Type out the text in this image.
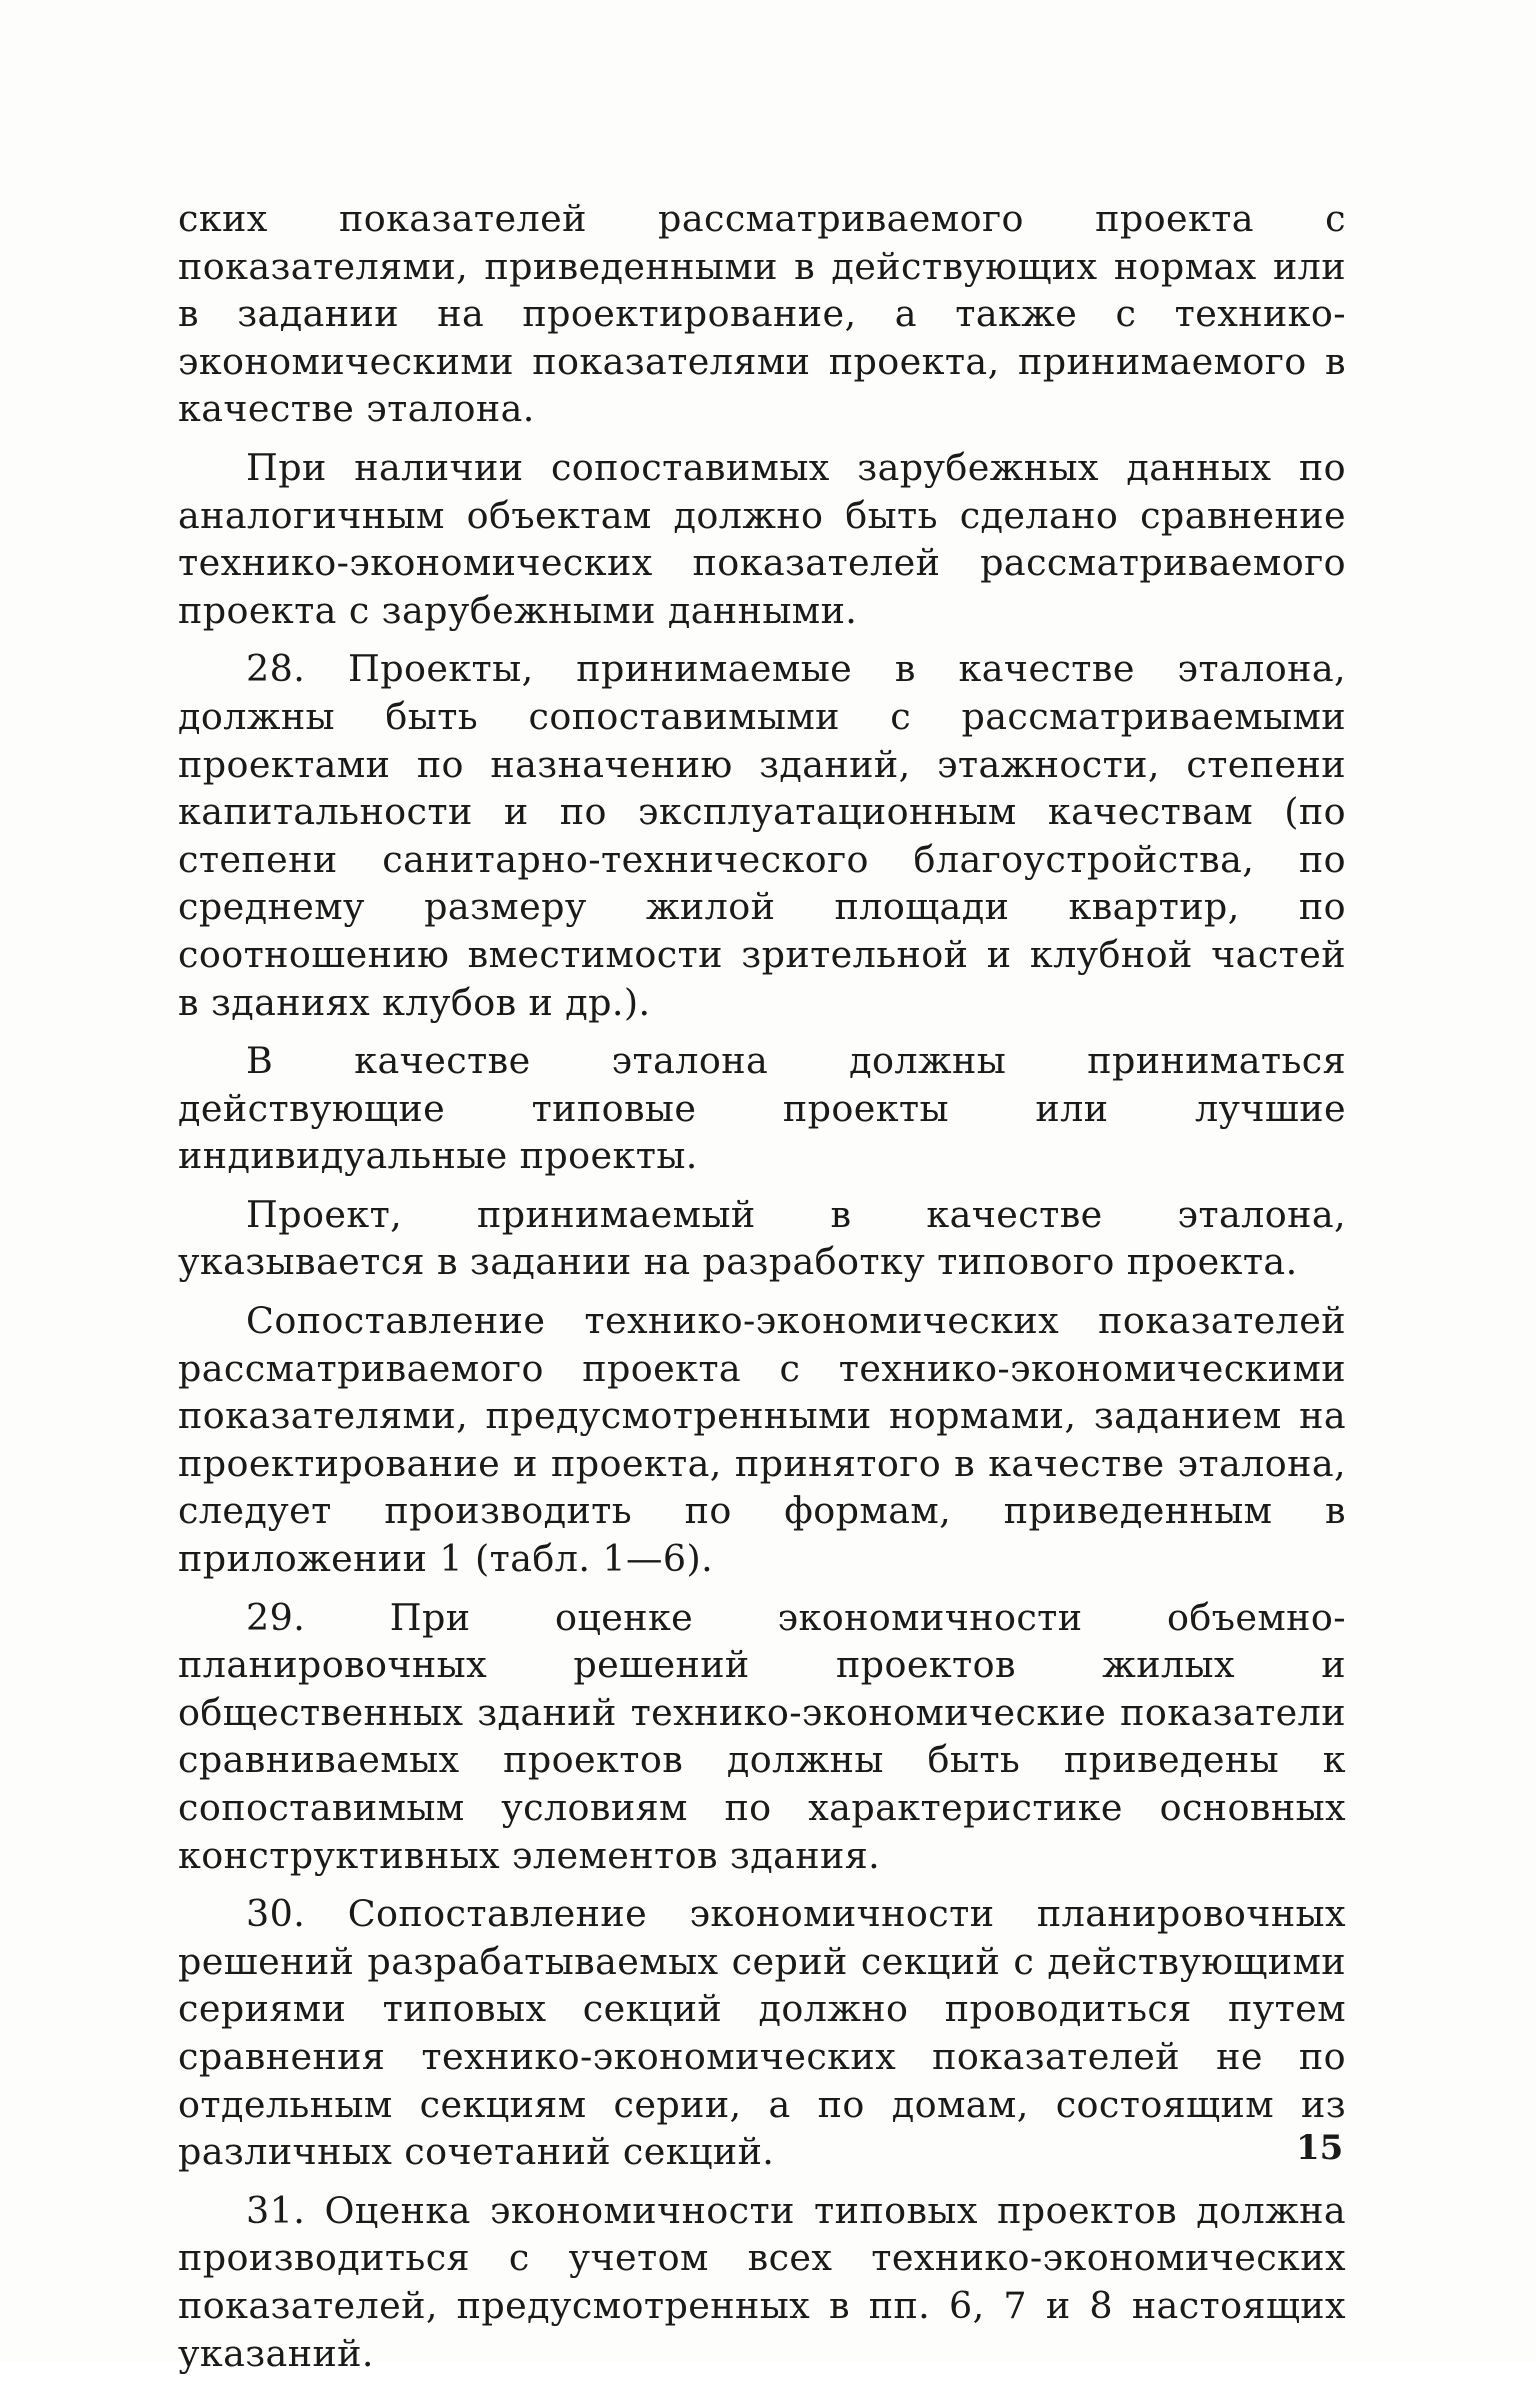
ских показателей рассматриваемого проекта с показателями, приведенными в действующих нормах или в задании на проектирование, а также с технико-экономическими показателями проекта, принимаемого в качестве эталона.

При наличии сопоставимых зарубежных данных по аналогичным объектам должно быть сделано сравнение технико-экономических показателей рассматриваемого проекта с зарубежными данными.

28. Проекты, принимаемые в качестве эталона, должны быть сопоставимыми с рассматриваемыми проектами по назначению зданий, этажности, степени капитальности и по эксплуатационным качествам (по степени санитарно-технического благоустройства, по среднему размеру жилой площади квартир, по соотношению вместимости зрительной и клубной частей в зданиях клубов и др.).

В качестве эталона должны приниматься действующие типовые проекты или лучшие индивидуальные проекты.

Проект, принимаемый в качестве эталона, указывается в задании на разработку типового проекта.

Сопоставление технико-экономических показателей рассматриваемого проекта с технико-экономическими показателями, предусмотренными нормами, заданием на проектирование и проекта, принятого в качестве эталона, следует производить по формам, приведенным в приложении 1 (табл. 1—6).

29. При оценке экономичности объемно-планировочных решений проектов жилых и общественных зданий технико-экономические показатели сравниваемых проектов должны быть приведены к сопоставимым условиям по характеристике основных конструктивных элементов здания.

30. Сопоставление экономичности планировочных решений разрабатываемых серий секций с действующими сериями типовых секций должно проводиться путем сравнения технико-экономических показателей не по отдельным секциям серии, а по домам, состоящим из различных сочетаний секций.

31. Оценка экономичности типовых проектов должна производиться с учетом всех технико-экономических показателей, предусмотренных в пп. 6, 7 и 8 настоящих указаний.

15
